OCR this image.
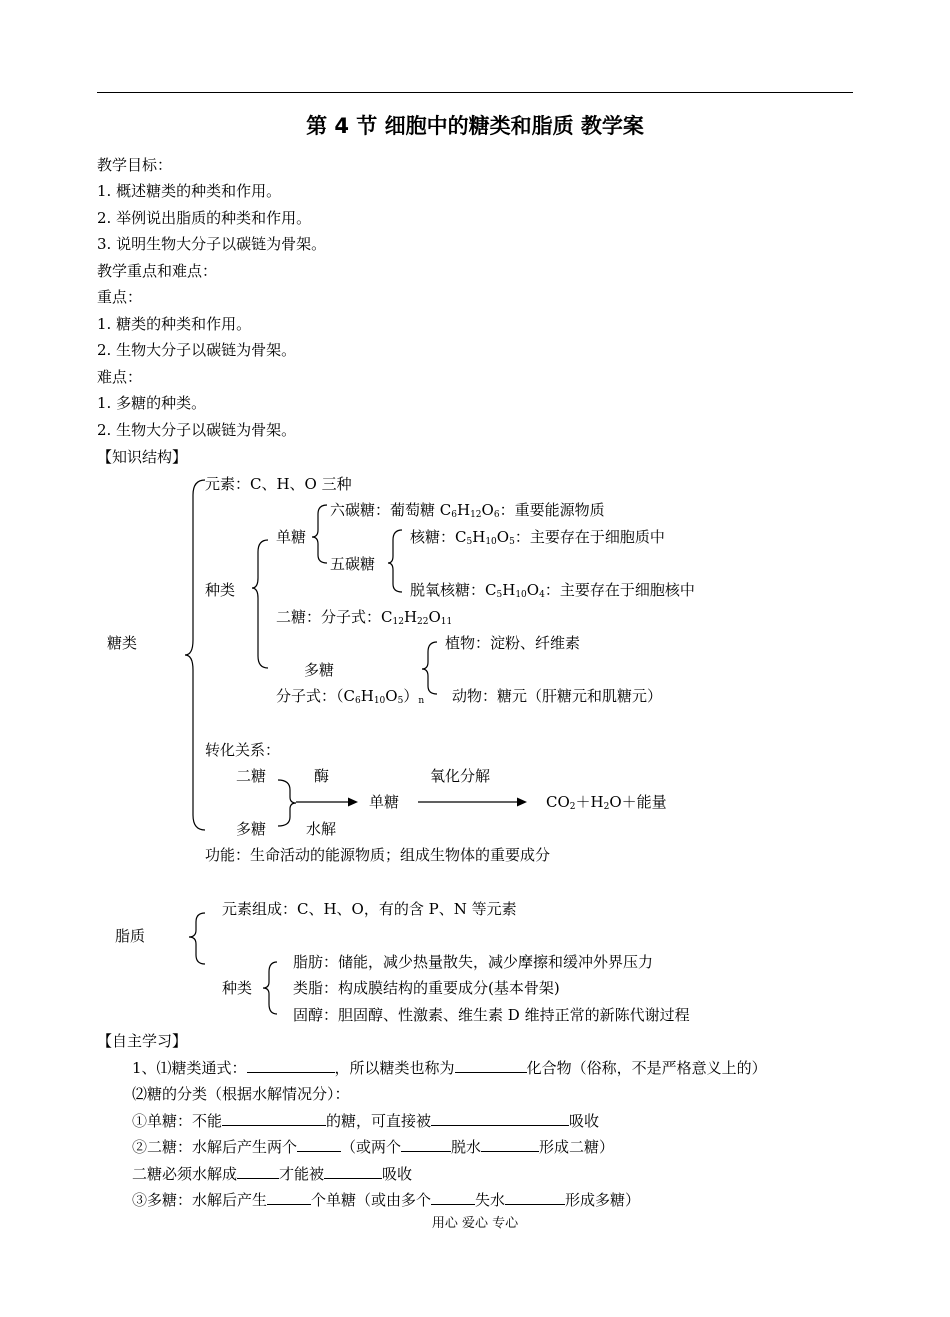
第 4 节 细胞中的糖类和脂质 教学案
教学目标：
1. 概述糖类的种类和作用。
2. 举例说出脂质的种类和作用。
3. 说明生物大分子以碳链为骨架。
教学重点和难点：
重点：
1. 糖类的种类和作用。
2. 生物大分子以碳链为骨架。
难点：
1. 多糖的种类。
2. 生物大分子以碳链为骨架。
【知识结构】
糖类
元素：C、H、O 三种
种类
单糖
六碳糖：葡萄糖 $C_6H_{12}O_6$：重要能源物质
五碳糖
核糖：$C_5H_{10}O_5$：主要存在于细胞质中
脱氧核糖：$C_5H_{10}O_4$：主要存在于细胞核中
二糖：分子式：$C_{12}H_{22}O_{11}$
多糖
分子式：$(C_6H_{10}O_5)_n$
植物：淀粉、纤维素
动物：糖元（肝糖元和肌糖元）
转化关系：
二糖	酶	氧化分解
单糖	$CO_2+H_2O+$能量
多糖	水解
功能：生命活动的能源物质；组成生物体的重要成分
脂质
元素组成：C、H、O，有的含 P、N 等元素
种类
脂肪：储能，减少热量散失，减少摩擦和缓冲外界压力
类脂：构成膜结构的重要成分(基本骨架)
固醇：胆固醇、性激素、维生素 D 维持正常的新陈代谢过程
【自主学习】
1、⑴糖类通式：	，所以糖类也称为	化合物（俗称，不是严格意义上的）
⑵糖的分类（根据水解情况分）：
①单糖：不能	的糖，可直接被	吸收
②二糖：水解后产生两个	（或两个	脱水	形成二糖）
二糖必须水解成	才能被	吸收
③多糖：水解后产生	个单糖（或由多个	失水	形成多糖）
用心 爱心 专心
